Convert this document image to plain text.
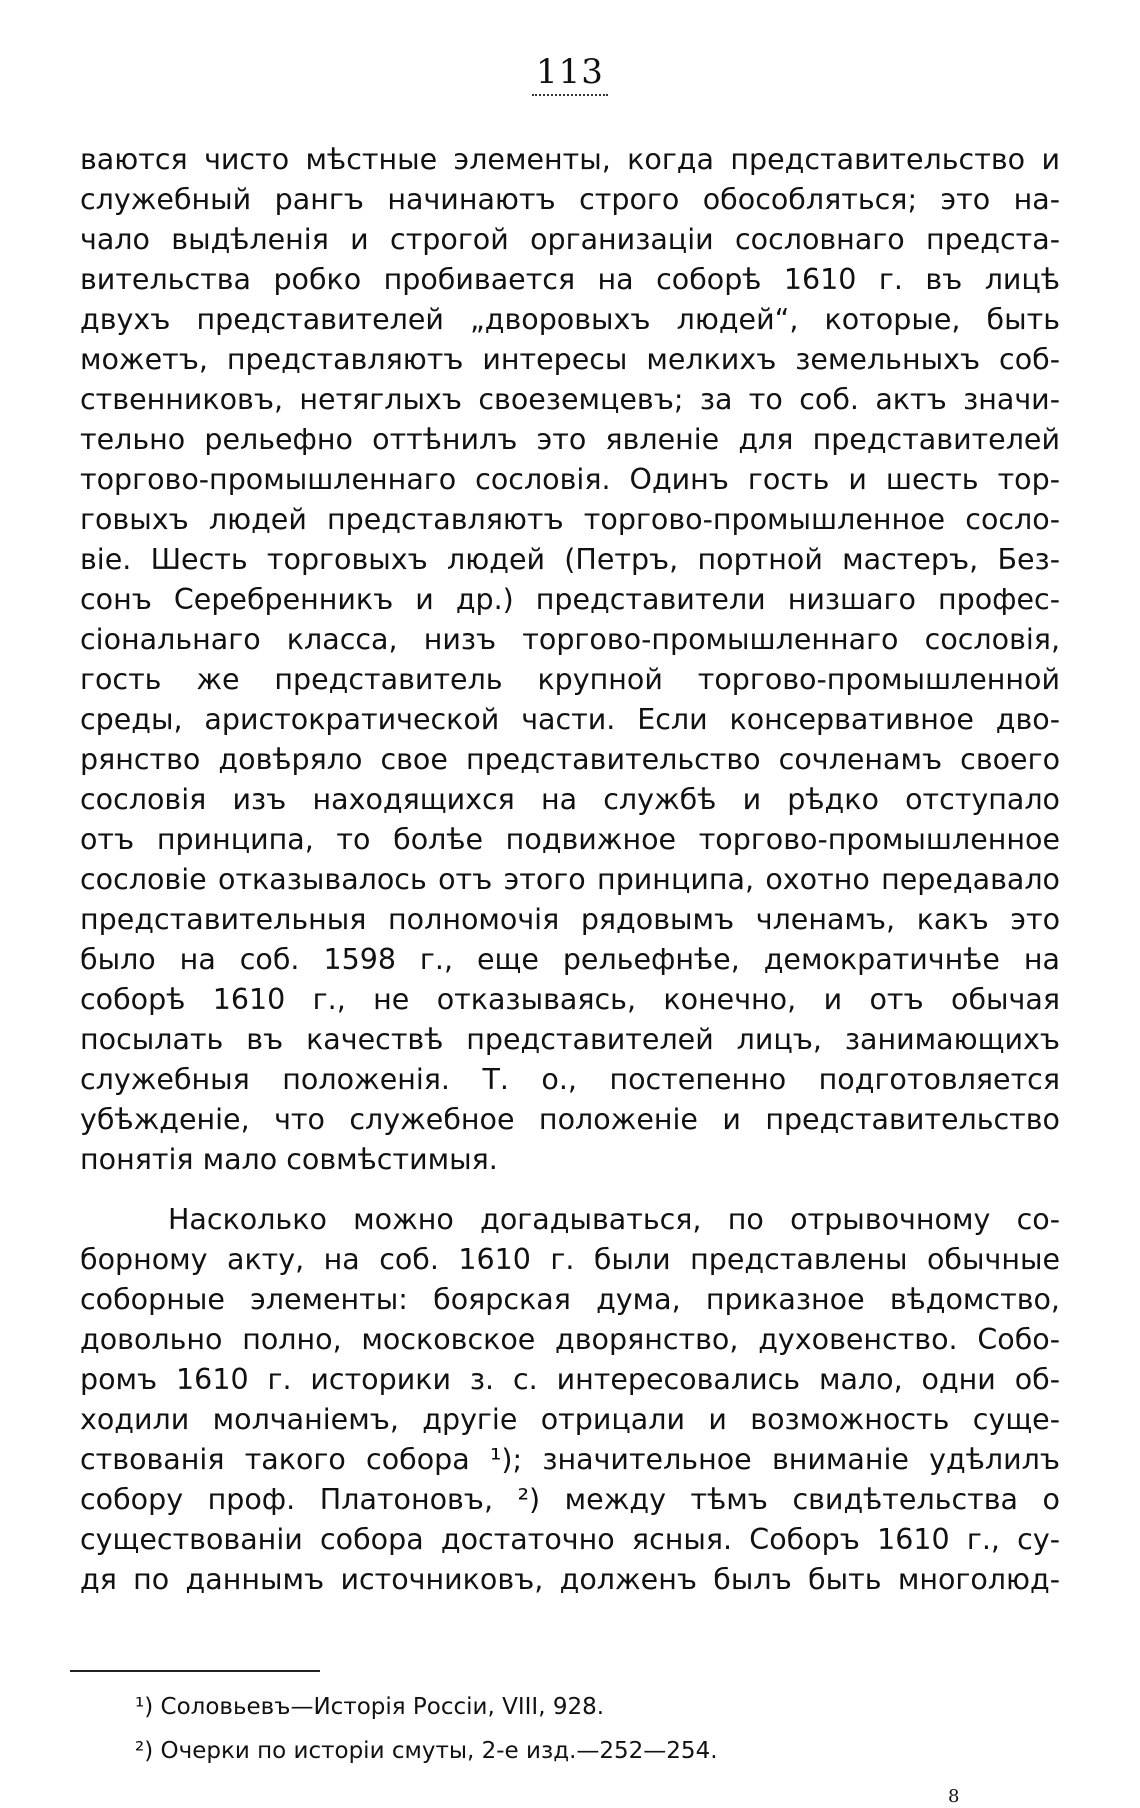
113
ваются чисто мѣстные элементы, когда представительство и
служебный рангъ начинаютъ строго обособляться; это на-
чало выдѣленія и строгой организаціи сословнаго предста-
вительства робко пробивается на соборѣ 1610 г. въ лицѣ
двухъ представителей „дворовыхъ людей“, которые, быть
можетъ, представляютъ интересы мелкихъ земельныхъ соб-
ственниковъ, нетяглыхъ своеземцевъ; за то соб. актъ значи-
тельно рельефно оттѣнилъ это явленіе для представителей
торгово-промышленнаго сословія. Одинъ гость и шесть тор-
говыхъ людей представляютъ торгово-промышленное сосло-
віе. Шесть торговыхъ людей (Петръ, портной мастеръ, Без-
сонъ Серебренникъ и др.) представители низшаго профес-
сіональнаго класса, низъ торгово-промышленнаго сословія,
гость же представитель крупной торгово-промышленной
среды, аристократической части. Если консервативное дво-
рянство довѣряло свое представительство сочленамъ своего
сословія изъ находящихся на службѣ и рѣдко отступало
отъ принципа, то болѣе подвижное торгово-промышленное
сословіе отказывалось отъ этого принципа, охотно передавало
представительныя полномочія рядовымъ членамъ, какъ это
было на соб. 1598 г., еще рельефнѣе, демократичнѣе на
соборѣ 1610 г., не отказываясь, конечно, и отъ обычая
посылать въ качествѣ представителей лицъ, занимающихъ
служебныя положенія. Т. о., постепенно подготовляется
убѣжденіе, что служебное положеніе и представительство
понятія мало совмѣстимыя.
Насколько можно догадываться, по отрывочному со-
борному акту, на соб. 1610 г. были представлены обычные
соборные элементы: боярская дума, приказное вѣдомство,
довольно полно, московское дворянство, духовенство. Собо-
ромъ 1610 г. историки з. с. интересовались мало, одни об-
ходили молчаніемъ, другіе отрицали и возможность суще-
ствованія такого собора ¹); значительное вниманіе удѣлилъ
собору проф. Платоновъ, ²) между тѣмъ свидѣтельства о
существованіи собора достаточно ясныя. Соборъ 1610 г., су-
дя по даннымъ источниковъ, долженъ былъ быть многолюд-
¹) Соловьевъ—Исторія Россіи, VIII, 928.
²) Очерки по исторіи смуты, 2-е изд.—252—254.
8
